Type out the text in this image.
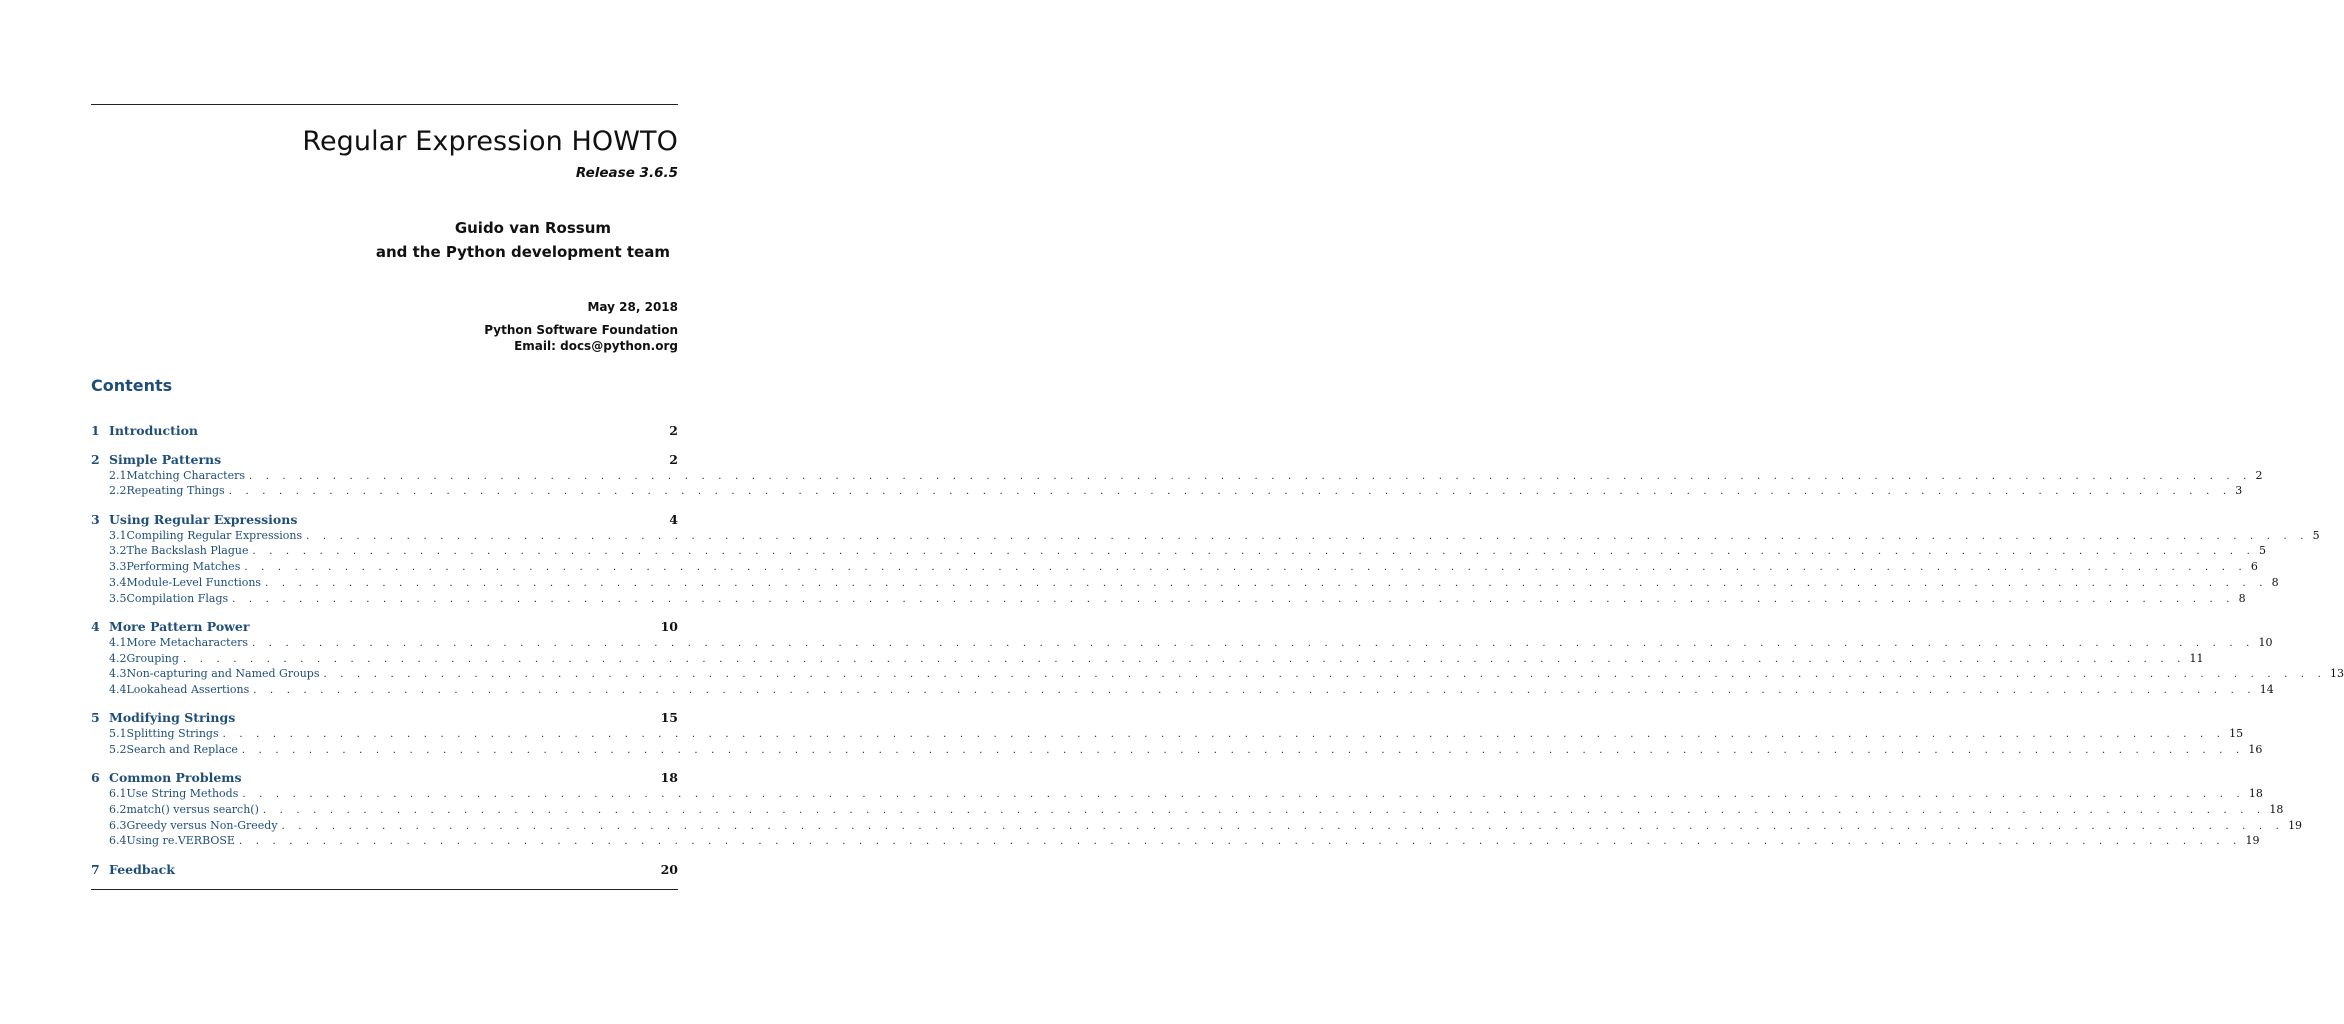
Regular Expression HOWTO
Release 3.6.5
Guido van Rossum
and the Python development team
May 28, 2018
Python Software Foundation
Email: docs@python.org
Contents
1 Introduction	2
2 Simple Patterns	2
2.1 Matching Characters . . . . . . . . . . . . . . . . . . . . . . . . . . . . . . . . . . . . . . . . . . . . . . . . . . . . . . . . . . . . . . . . . . . . . . . . . . . . . . . . . . . . . . . . . . . . . . . . . . . . . . . . . . . . . . . . . . . . . . . . 2
2.2 Repeating Things . . . . . . . . . . . . . . . . . . . . . . . . . . . . . . . . . . . . . . . . . . . . . . . . . . . . . . . . . . . . . . . . . . . . . . . . . . . . . . . . . . . . . . . . . . . . . . . . . . . . . . . . . . . . . . . . . . . . . . . . 3
3 Using Regular Expressions	4
3.1 Compiling Regular Expressions . . . . . . . . . . . . . . . . . . . . . . . . . . . . . . . . . . . . . . . . . . . . . . . . . . . . . . . . . . . . . . . . . . . . . . . . . . . . . . . . . . . . . . . . . . . . . . . . . . . . . . . . . . . . . . . . . . . . . . . . 5
3.2 The Backslash Plague . . . . . . . . . . . . . . . . . . . . . . . . . . . . . . . . . . . . . . . . . . . . . . . . . . . . . . . . . . . . . . . . . . . . . . . . . . . . . . . . . . . . . . . . . . . . . . . . . . . . . . . . . . . . . . . . . . . . . . . . 5
3.3 Performing Matches . . . . . . . . . . . . . . . . . . . . . . . . . . . . . . . . . . . . . . . . . . . . . . . . . . . . . . . . . . . . . . . . . . . . . . . . . . . . . . . . . . . . . . . . . . . . . . . . . . . . . . . . . . . . . . . . . . . . . . . . 6
3.4 Module-Level Functions . . . . . . . . . . . . . . . . . . . . . . . . . . . . . . . . . . . . . . . . . . . . . . . . . . . . . . . . . . . . . . . . . . . . . . . . . . . . . . . . . . . . . . . . . . . . . . . . . . . . . . . . . . . . . . . . . . . . . . . . 8
3.5 Compilation Flags . . . . . . . . . . . . . . . . . . . . . . . . . . . . . . . . . . . . . . . . . . . . . . . . . . . . . . . . . . . . . . . . . . . . . . . . . . . . . . . . . . . . . . . . . . . . . . . . . . . . . . . . . . . . . . . . . . . . . . . . 8
4 More Pattern Power	10
4.1 More Metacharacters . . . . . . . . . . . . . . . . . . . . . . . . . . . . . . . . . . . . . . . . . . . . . . . . . . . . . . . . . . . . . . . . . . . . . . . . . . . . . . . . . . . . . . . . . . . . . . . . . . . . . . . . . . . . . . . . . . . . . . . . 10
4.2 Grouping . . . . . . . . . . . . . . . . . . . . . . . . . . . . . . . . . . . . . . . . . . . . . . . . . . . . . . . . . . . . . . . . . . . . . . . . . . . . . . . . . . . . . . . . . . . . . . . . . . . . . . . . . . . . . . . . . . . . . . . . 11
4.3 Non-capturing and Named Groups . . . . . . . . . . . . . . . . . . . . . . . . . . . . . . . . . . . . . . . . . . . . . . . . . . . . . . . . . . . . . . . . . . . . . . . . . . . . . . . . . . . . . . . . . . . . . . . . . . . . . . . . . . . . . . . . . . . . . . . . 13
4.4 Lookahead Assertions . . . . . . . . . . . . . . . . . . . . . . . . . . . . . . . . . . . . . . . . . . . . . . . . . . . . . . . . . . . . . . . . . . . . . . . . . . . . . . . . . . . . . . . . . . . . . . . . . . . . . . . . . . . . . . . . . . . . . . . . 14
5 Modifying Strings	15
5.1 Splitting Strings . . . . . . . . . . . . . . . . . . . . . . . . . . . . . . . . . . . . . . . . . . . . . . . . . . . . . . . . . . . . . . . . . . . . . . . . . . . . . . . . . . . . . . . . . . . . . . . . . . . . . . . . . . . . . . . . . . . . . . . . 15
5.2 Search and Replace . . . . . . . . . . . . . . . . . . . . . . . . . . . . . . . . . . . . . . . . . . . . . . . . . . . . . . . . . . . . . . . . . . . . . . . . . . . . . . . . . . . . . . . . . . . . . . . . . . . . . . . . . . . . . . . . . . . . . . . . 16
6 Common Problems	18
6.1 Use String Methods . . . . . . . . . . . . . . . . . . . . . . . . . . . . . . . . . . . . . . . . . . . . . . . . . . . . . . . . . . . . . . . . . . . . . . . . . . . . . . . . . . . . . . . . . . . . . . . . . . . . . . . . . . . . . . . . . . . . . . . . 18
6.2 match() versus search() . . . . . . . . . . . . . . . . . . . . . . . . . . . . . . . . . . . . . . . . . . . . . . . . . . . . . . . . . . . . . . . . . . . . . . . . . . . . . . . . . . . . . . . . . . . . . . . . . . . . . . . . . . . . . . . . . . . . . . . . 18
6.3 Greedy versus Non-Greedy . . . . . . . . . . . . . . . . . . . . . . . . . . . . . . . . . . . . . . . . . . . . . . . . . . . . . . . . . . . . . . . . . . . . . . . . . . . . . . . . . . . . . . . . . . . . . . . . . . . . . . . . . . . . . . . . . . . . . . . . 19
6.4 Using re.VERBOSE . . . . . . . . . . . . . . . . . . . . . . . . . . . . . . . . . . . . . . . . . . . . . . . . . . . . . . . . . . . . . . . . . . . . . . . . . . . . . . . . . . . . . . . . . . . . . . . . . . . . . . . . . . . . . . . . . . . . . . . . 19
7 Feedback	20
